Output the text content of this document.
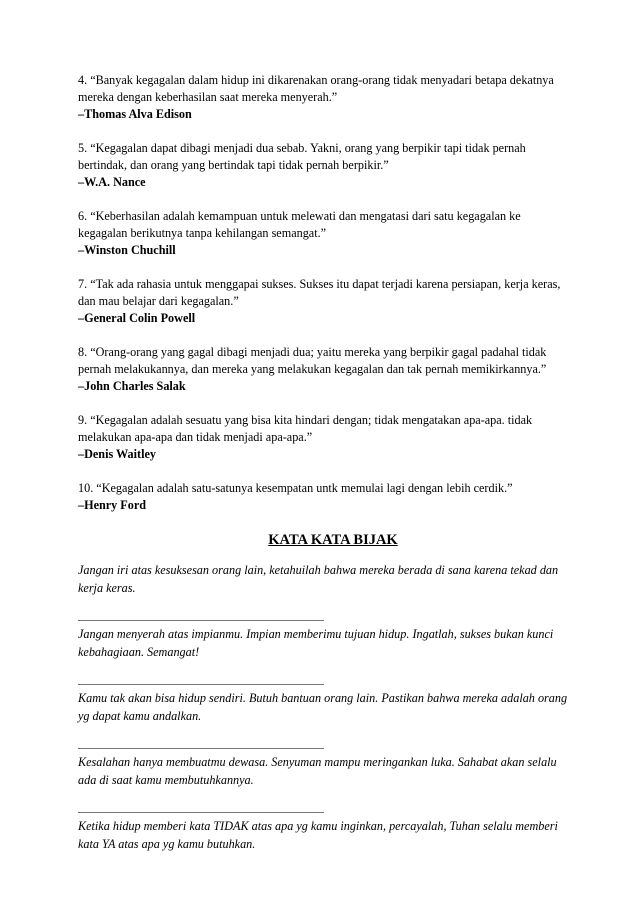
4. “Banyak kegagalan dalam hidup ini dikarenakan orang-orang tidak menyadari betapa dekatnya mereka dengan keberhasilan saat mereka menyerah.”
–Thomas Alva Edison
5. “Kegagalan dapat dibagi menjadi dua sebab. Yakni, orang yang berpikir tapi tidak pernah bertindak, dan orang yang bertindak tapi tidak pernah berpikir.”
–W.A. Nance
6. “Keberhasilan adalah kemampuan untuk melewati dan mengatasi dari satu kegagalan ke kegagalan berikutnya tanpa kehilangan semangat.”
–Winston Chuchill
7. “Tak ada rahasia untuk menggapai sukses. Sukses itu dapat terjadi karena persiapan, kerja keras, dan mau belajar dari kegagalan.”
–General Colin Powell
8. “Orang-orang yang gagal dibagi menjadi dua; yaitu mereka yang berpikir gagal padahal tidak pernah melakukannya, dan mereka yang melakukan kegagalan dan tak pernah memikirkannya.”
–John Charles Salak
9. “Kegagalan adalah sesuatu yang bisa kita hindari dengan; tidak mengatakan apa-apa. tidak melakukan apa-apa dan tidak menjadi apa-apa.”
–Denis Waitley
10. “Kegagalan adalah satu-satunya kesempatan untk memulai lagi dengan lebih cerdik.”
–Henry Ford
KATA KATA BIJAK
Jangan iri atas kesuksesan orang lain, ketahuilah bahwa mereka berada di sana karena tekad dan kerja keras.
Jangan menyerah atas impianmu. Impian memberimu tujuan hidup. Ingatlah, sukses bukan kunci kebahagiaan. Semangat!
Kamu tak akan bisa hidup sendiri. Butuh bantuan orang lain. Pastikan bahwa mereka adalah orang yg dapat kamu andalkan.
Kesalahan hanya membuatmu dewasa. Senyuman mampu meringankan luka. Sahabat akan selalu ada di saat kamu membutuhkannya.
Ketika hidup memberi kata TIDAK atas apa yg kamu inginkan, percayalah, Tuhan selalu memberi kata YA atas apa yg kamu butuhkan.
